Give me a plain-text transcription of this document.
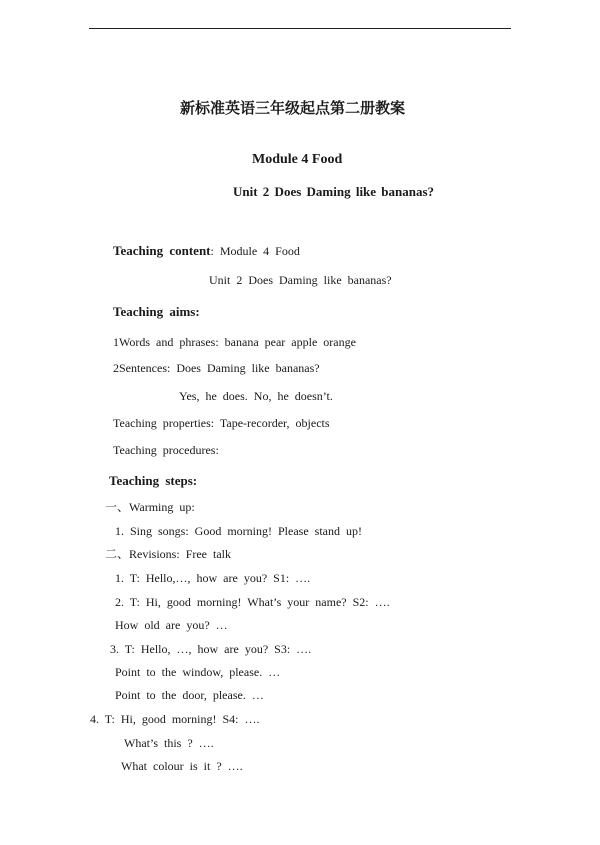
新标准英语三年级起点第二册教案
Module 4 Food
Unit 2 Does Daming like bananas?
Teaching content: Module 4 Food
Unit 2 Does Daming like bananas?
Teaching aims:
1Words and phrases: banana pear apple orange
2Sentences: Does Daming like bananas?
Yes, he does. No, he doesn’t.
Teaching properties: Tape-recorder, objects
Teaching procedures:
Teaching steps:
一、Warming up:
1. Sing songs: Good morning! Please stand up!
二、Revisions: Free talk
1. T: Hello,…, how are you? S1: ….
2. T: Hi, good morning! What’s your name? S2: ….
How old are you? …
3. T: Hello, …, how are you? S3: ….
Point to the window, please. …
Point to the door, please. …
4. T: Hi, good morning! S4: ….
What’s this ? ….
What colour is it ? ….
